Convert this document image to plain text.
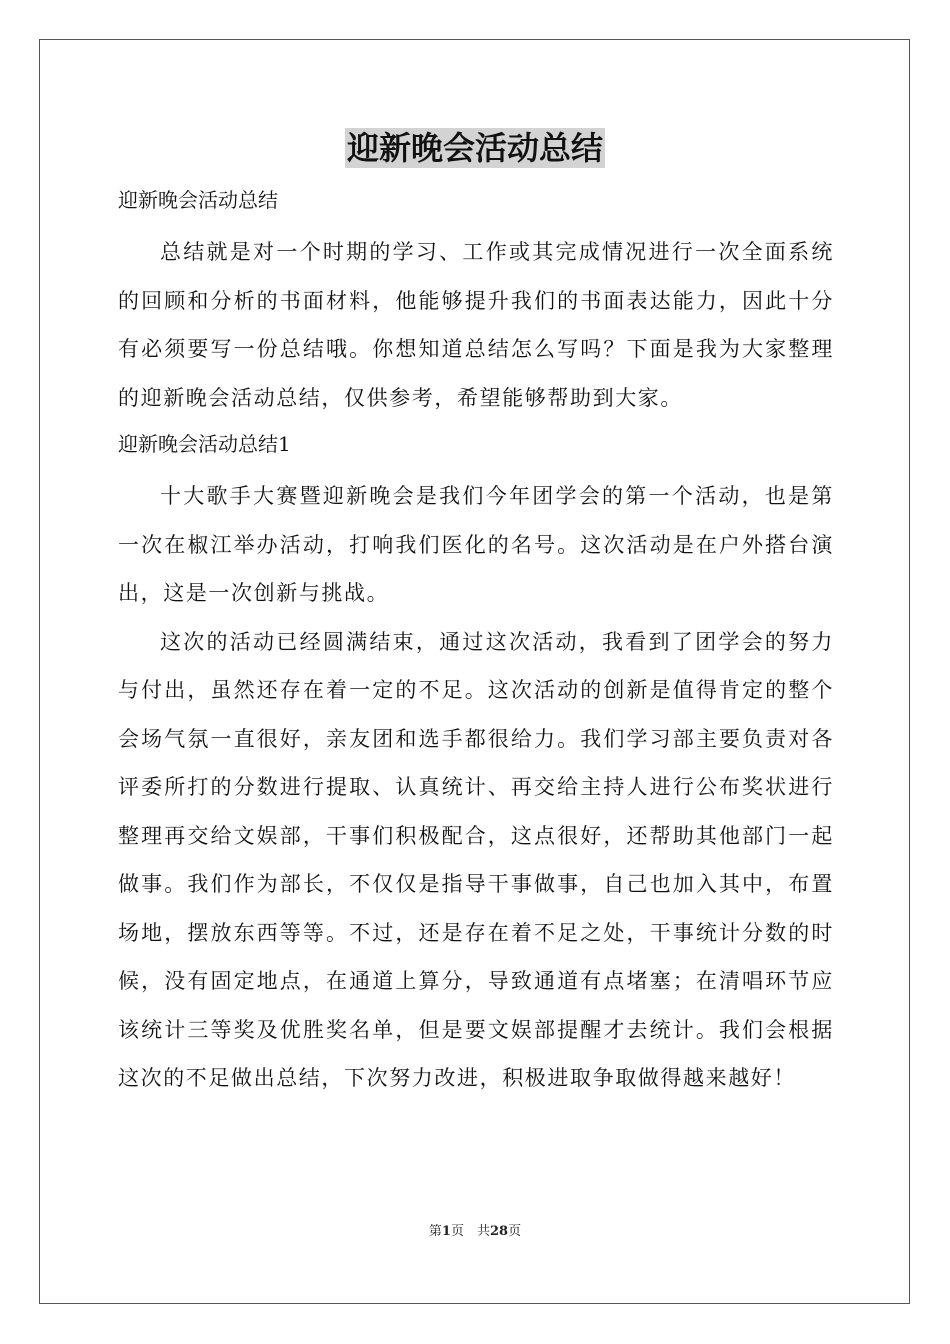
迎新晚会活动总结
迎新晚会活动总结

总结就是对一个时期的学习、工作或其完成情况进行一次全面系统的回顾和分析的书面材料，他能够提升我们的书面表达能力，因此十分有必须要写一份总结哦。你想知道总结怎么写吗？下面是我为大家整理的迎新晚会活动总结，仅供参考，希望能够帮助到大家。

迎新晚会活动总结1

十大歌手大赛暨迎新晚会是我们今年团学会的第一个活动，也是第一次在椒江举办活动，打响我们医化的名号。这次活动是在户外搭台演出，这是一次创新与挑战。

这次的活动已经圆满结束，通过这次活动，我看到了团学会的努力与付出，虽然还存在着一定的不足。这次活动的创新是值得肯定的整个会场气氛一直很好，亲友团和选手都很给力。我们学习部主要负责对各评委所打的分数进行提取、认真统计、再交给主持人进行公布奖状进行整理再交给文娱部，干事们积极配合，这点很好，还帮助其他部门一起做事。我们作为部长，不仅仅是指导干事做事，自己也加入其中，布置场地，摆放东西等等。不过，还是存在着不足之处，干事统计分数的时候，没有固定地点，在通道上算分，导致通道有点堵塞；在清唱环节应该统计三等奖及优胜奖名单，但是要文娱部提醒才去统计。我们会根据这次的不足做出总结，下次努力改进，积极进取争取做得越来越好！

第1页　共28页
